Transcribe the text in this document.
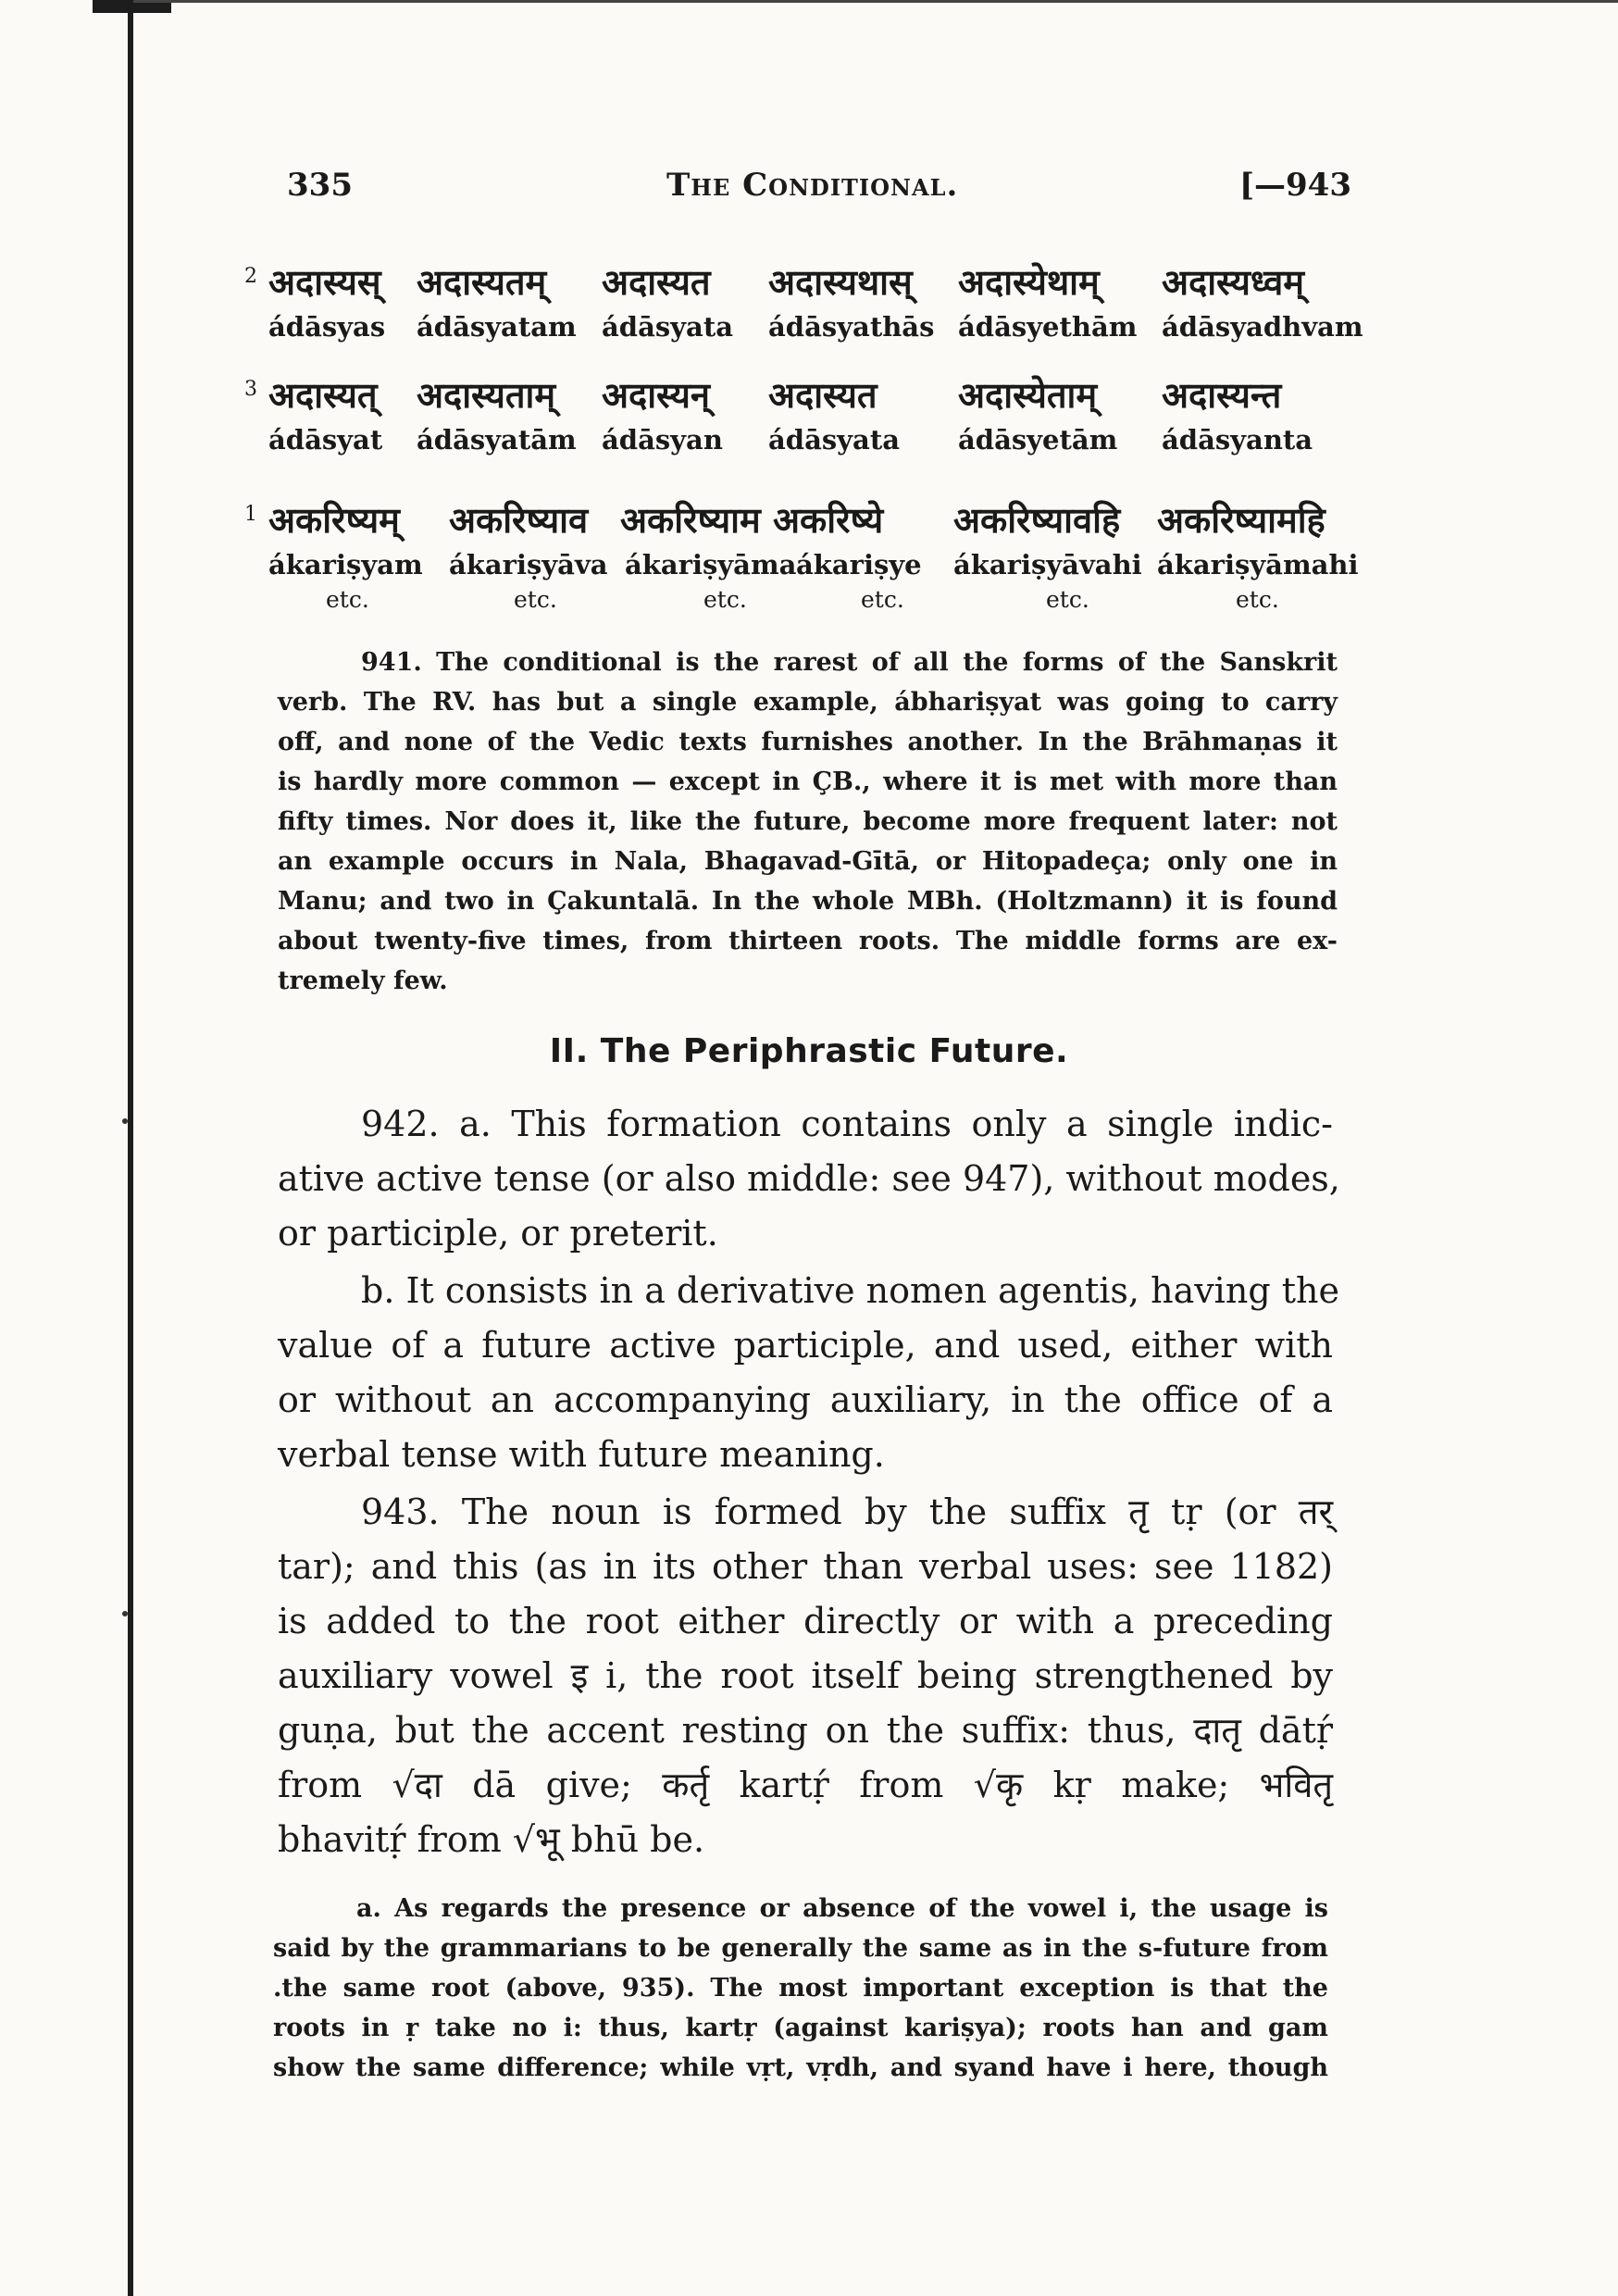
335	The Conditional.	[—943
2 अदास्यस् अदास्यतम् अदास्यत अदास्यथास् अदास्येथाम् अदास्यध्वम्
ádāsyas ádāsyatam ádāsyata ádāsyathās ádāsyethām ádāsyadhvam
3 अदास्यत् अदास्यताम् अदास्यन् अदास्यत अदास्येताम् अदास्यन्त
ádāsyat ádāsyatām ádāsyan ádāsyata ádāsyetām ádāsyanta
1 अकरिष्यम् अकरिष्याव अकरिष्याम अकरिष्ये अकरिष्यावहि अकरिष्यामहि
ákariṣyam ákariṣyāva ákariṣyāma ákariṣye ákariṣyāvahi ákariṣyāmahi
etc.	etc.	etc.	etc.	etc.	etc.
941. The conditional is the rarest of all the forms of the Sanskrit
verb. The RV. has but a single example, ábhariṣyat was going to carry
off, and none of the Vedic texts furnishes another. In the Brāhmaṇas it
is hardly more common — except in ÇB., where it is met with more than
fifty times. Nor does it, like the future, become more frequent later: not
an example occurs in Nala, Bhagavad-Gītā, or Hitopadeça; only one in
Manu; and two in Çakuntalā. In the whole MBh. (Holtzmann) it is found
about twenty-five times, from thirteen roots. The middle forms are ex-
tremely few.
II. The Periphrastic Future.
942. a. This formation contains only a single indic-
ative active tense (or also middle: see 947), without modes,
or participle, or preterit.
b. It consists in a derivative nomen agentis, having the
value of a future active participle, and used, either with
or without an accompanying auxiliary, in the office of a
verbal tense with future meaning.
943. The noun is formed by the suffix तृ tṛ (or तर्
tar); and this (as in its other than verbal uses: see 1182)
is added to the root either directly or with a preceding
auxiliary vowel इ i, the root itself being strengthened by
guṇa, but the accent resting on the suffix: thus, दातृ dātṛ́
from √दा dā give; कर्तृ kartṛ́ from √कृ kṛ make; भवितृ
bhavitṛ́ from √भू bhū be.
a. As regards the presence or absence of the vowel i, the usage is
said by the grammarians to be generally the same as in the s-future from
.the same root (above, 935). The most important exception is that the
roots in ṛ take no i: thus, kartṛ (against kariṣya); roots han and gam
show the same difference; while vṛt, vṛdh, and syand have i here, though
